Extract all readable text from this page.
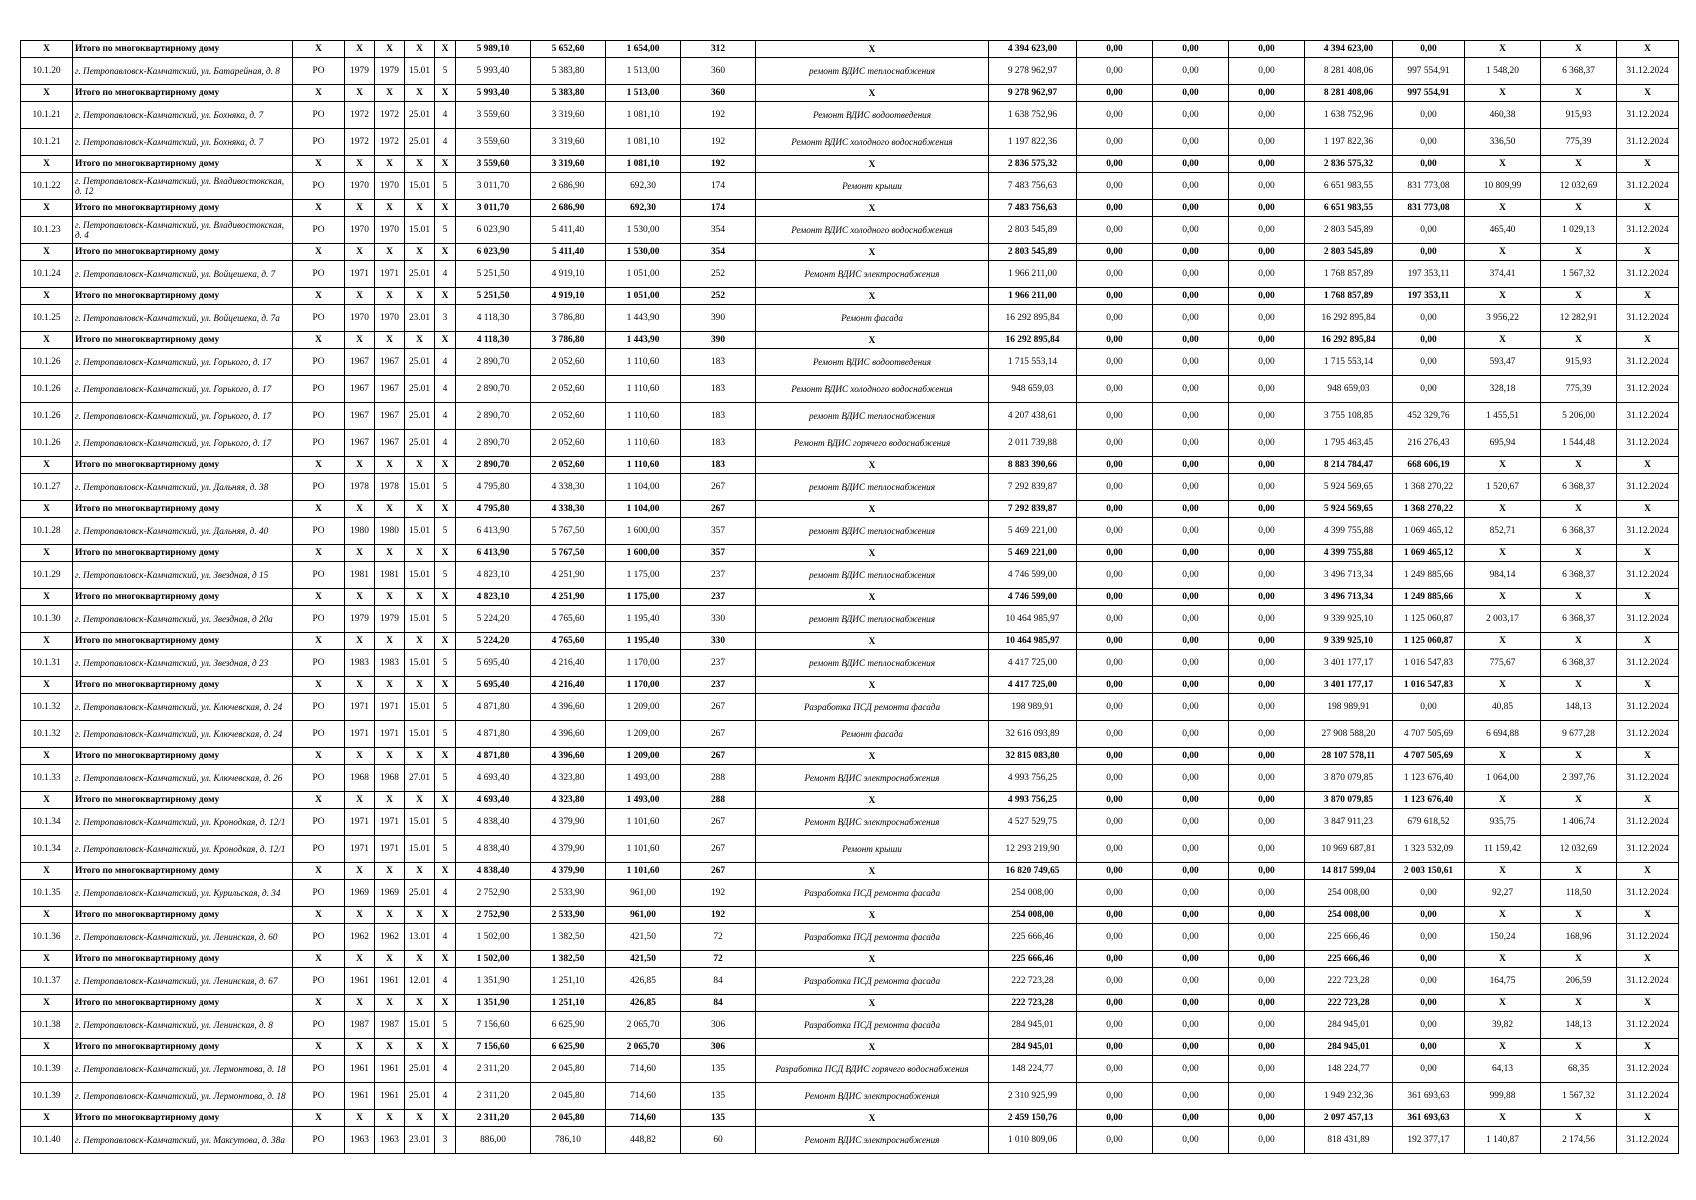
X	Итого по многоквартирному дому	X	X	X	X	X	5 989,10	5 652,60	1 654,00	312	X	4 394 623,00	0,00	0,00	0,00	4 394 623,00	0,00	X	X	X
10.1.20	г. Петропавловск-Камчатский, ул. Батарейная, д. 8	РО	1979	1979	15.01	5	5 993,40	5 383,80	1 513,00	360	ремонт ВДИС теплоснабжения	9 278 962,97	0,00	0,00	0,00	8 281 408,06	997 554,91	1 548,20	6 368,37	31.12.2024
X	Итого по многоквартирному дому	X	X	X	X	X	5 993,40	5 383,80	1 513,00	360	X	9 278 962,97	0,00	0,00	0,00	8 281 408,06	997 554,91	X	X	X
10.1.21	г. Петропавловск-Камчатский, ул. Бохняка, д. 7	РО	1972	1972	25.01	4	3 559,60	3 319,60	1 081,10	192	Ремонт ВДИС водоотведения	1 638 752,96	0,00	0,00	0,00	1 638 752,96	0,00	460,38	915,93	31.12.2024
10.1.21	г. Петропавловск-Камчатский, ул. Бохняка, д. 7	РО	1972	1972	25.01	4	3 559,60	3 319,60	1 081,10	192	Ремонт ВДИС холодного водоснабжения	1 197 822,36	0,00	0,00	0,00	1 197 822,36	0,00	336,50	775,39	31.12.2024
X	Итого по многоквартирному дому	X	X	X	X	X	3 559,60	3 319,60	1 081,10	192	X	2 836 575,32	0,00	0,00	0,00	2 836 575,32	0,00	X	X	X
10.1.22	г. Петропавловск-Камчатский, ул. Владивостокская, д. 12	РО	1970	1970	15.01	5	3 011,70	2 686,90	692,30	174	Ремонт крыши	7 483 756,63	0,00	0,00	0,00	6 651 983,55	831 773,08	10 809,99	12 032,69	31.12.2024
X	Итого по многоквартирному дому	X	X	X	X	X	3 011,70	2 686,90	692,30	174	X	7 483 756,63	0,00	0,00	0,00	6 651 983,55	831 773,08	X	X	X
10.1.23	г. Петропавловск-Камчатский, ул. Владивостокская, д. 4	РО	1970	1970	15.01	5	6 023,90	5 411,40	1 530,00	354	Ремонт ВДИС холодного водоснабжения	2 803 545,89	0,00	0,00	0,00	2 803 545,89	0,00	465,40	1 029,13	31.12.2024
X	Итого по многоквартирному дому	X	X	X	X	X	6 023,90	5 411,40	1 530,00	354	X	2 803 545,89	0,00	0,00	0,00	2 803 545,89	0,00	X	X	X
10.1.24	г. Петропавловск-Камчатский, ул. Войцешека, д. 7	РО	1971	1971	25.01	4	5 251,50	4 919,10	1 051,00	252	Ремонт ВДИС электроснабжения	1 966 211,00	0,00	0,00	0,00	1 768 857,89	197 353,11	374,41	1 567,32	31.12.2024
X	Итого по многоквартирному дому	X	X	X	X	X	5 251,50	4 919,10	1 051,00	252	X	1 966 211,00	0,00	0,00	0,00	1 768 857,89	197 353,11	X	X	X
10.1.25	г. Петропавловск-Камчатский, ул. Войцешека, д. 7а	РО	1970	1970	23.01	3	4 118,30	3 786,80	1 443,90	390	Ремонт фасада	16 292 895,84	0,00	0,00	0,00	16 292 895,84	0,00	3 956,22	12 282,91	31.12.2024
X	Итого по многоквартирному дому	X	X	X	X	X	4 118,30	3 786,80	1 443,90	390	X	16 292 895,84	0,00	0,00	0,00	16 292 895,84	0,00	X	X	X
10.1.26	г. Петропавловск-Камчатский, ул. Горького, д. 17	РО	1967	1967	25.01	4	2 890,70	2 052,60	1 110,60	183	Ремонт ВДИС водоотведения	1 715 553,14	0,00	0,00	0,00	1 715 553,14	0,00	593,47	915,93	31.12.2024
10.1.26	г. Петропавловск-Камчатский, ул. Горького, д. 17	РО	1967	1967	25.01	4	2 890,70	2 052,60	1 110,60	183	Ремонт ВДИС холодного водоснабжения	948 659,03	0,00	0,00	0,00	948 659,03	0,00	328,18	775,39	31.12.2024
10.1.26	г. Петропавловск-Камчатский, ул. Горького, д. 17	РО	1967	1967	25.01	4	2 890,70	2 052,60	1 110,60	183	ремонт ВДИС теплоснабжения	4 207 438,61	0,00	0,00	0,00	3 755 108,85	452 329,76	1 455,51	5 206,00	31.12.2024
10.1.26	г. Петропавловск-Камчатский, ул. Горького, д. 17	РО	1967	1967	25.01	4	2 890,70	2 052,60	1 110,60	183	Ремонт ВДИС горячего водоснабжения	2 011 739,88	0,00	0,00	0,00	1 795 463,45	216 276,43	695,94	1 544,48	31.12.2024
X	Итого по многоквартирному дому	X	X	X	X	X	2 890,70	2 052,60	1 110,60	183	X	8 883 390,66	0,00	0,00	0,00	8 214 784,47	668 606,19	X	X	X
10.1.27	г. Петропавловск-Камчатский, ул. Дальняя, д. 38	РО	1978	1978	15.01	5	4 795,80	4 338,30	1 104,00	267	ремонт ВДИС теплоснабжения	7 292 839,87	0,00	0,00	0,00	5 924 569,65	1 368 270,22	1 520,67	6 368,37	31.12.2024
X	Итого по многоквартирному дому	X	X	X	X	X	4 795,80	4 338,30	1 104,00	267	X	7 292 839,87	0,00	0,00	0,00	5 924 569,65	1 368 270,22	X	X	X
10.1.28	г. Петропавловск-Камчатский, ул. Дальняя, д. 40	РО	1980	1980	15.01	5	6 413,90	5 767,50	1 600,00	357	ремонт ВДИС теплоснабжения	5 469 221,00	0,00	0,00	0,00	4 399 755,88	1 069 465,12	852,71	6 368,37	31.12.2024
X	Итого по многоквартирному дому	X	X	X	X	X	6 413,90	5 767,50	1 600,00	357	X	5 469 221,00	0,00	0,00	0,00	4 399 755,88	1 069 465,12	X	X	X
10.1.29	г. Петропавловск-Камчатский, ул. Звездная, д 15	РО	1981	1981	15.01	5	4 823,10	4 251,90	1 175,00	237	ремонт ВДИС теплоснабжения	4 746 599,00	0,00	0,00	0,00	3 496 713,34	1 249 885,66	984,14	6 368,37	31.12.2024
X	Итого по многоквартирному дому	X	X	X	X	X	4 823,10	4 251,90	1 175,00	237	X	4 746 599,00	0,00	0,00	0,00	3 496 713,34	1 249 885,66	X	X	X
10.1.30	г. Петропавловск-Камчатский, ул. Звездная, д 20а	РО	1979	1979	15.01	5	5 224,20	4 765,60	1 195,40	330	ремонт ВДИС теплоснабжения	10 464 985,97	0,00	0,00	0,00	9 339 925,10	1 125 060,87	2 003,17	6 368,37	31.12.2024
X	Итого по многоквартирному дому	X	X	X	X	X	5 224,20	4 765,60	1 195,40	330	X	10 464 985,97	0,00	0,00	0,00	9 339 925,10	1 125 060,87	X	X	X
10.1.31	г. Петропавловск-Камчатский, ул. Звездная, д 23	РО	1983	1983	15.01	5	5 695,40	4 216,40	1 170,00	237	ремонт ВДИС теплоснабжения	4 417 725,00	0,00	0,00	0,00	3 401 177,17	1 016 547,83	775,67	6 368,37	31.12.2024
X	Итого по многоквартирному дому	X	X	X	X	X	5 695,40	4 216,40	1 170,00	237	X	4 417 725,00	0,00	0,00	0,00	3 401 177,17	1 016 547,83	X	X	X
10.1.32	г. Петропавловск-Камчатский, ул. Ключевская, д. 24	РО	1971	1971	15.01	5	4 871,80	4 396,60	1 209,00	267	Разработка ПСД ремонта фасада	198 989,91	0,00	0,00	0,00	198 989,91	0,00	40,85	148,13	31.12.2024
10.1.32	г. Петропавловск-Камчатский, ул. Ключевская, д. 24	РО	1971	1971	15.01	5	4 871,80	4 396,60	1 209,00	267	Ремонт фасада	32 616 093,89	0,00	0,00	0,00	27 908 588,20	4 707 505,69	6 694,88	9 677,28	31.12.2024
X	Итого по многоквартирному дому	X	X	X	X	X	4 871,80	4 396,60	1 209,00	267	X	32 815 083,80	0,00	0,00	0,00	28 107 578,11	4 707 505,69	X	X	X
10.1.33	г. Петропавловск-Камчатский, ул. Ключевская, д. 26	РО	1968	1968	27.01	5	4 693,40	4 323,80	1 493,00	288	Ремонт ВДИС электроснабжения	4 993 756,25	0,00	0,00	0,00	3 870 079,85	1 123 676,40	1 064,00	2 397,76	31.12.2024
X	Итого по многоквартирному дому	X	X	X	X	X	4 693,40	4 323,80	1 493,00	288	X	4 993 756,25	0,00	0,00	0,00	3 870 079,85	1 123 676,40	X	X	X
10.1.34	г. Петропавловск-Камчатский, ул. Кронодкая, д. 12/1	РО	1971	1971	15.01	5	4 838,40	4 379,90	1 101,60	267	Ремонт ВДИС электроснабжения	4 527 529,75	0,00	0,00	0,00	3 847 911,23	679 618,52	935,75	1 406,74	31.12.2024
10.1.34	г. Петропавловск-Камчатский, ул. Кронодкая, д. 12/1	РО	1971	1971	15.01	5	4 838,40	4 379,90	1 101,60	267	Ремонт крыши	12 293 219,90	0,00	0,00	0,00	10 969 687,81	1 323 532,09	11 159,42	12 032,69	31.12.2024
X	Итого по многоквартирному дому	X	X	X	X	X	4 838,40	4 379,90	1 101,60	267	X	16 820 749,65	0,00	0,00	0,00	14 817 599,04	2 003 150,61	X	X	X
10.1.35	г. Петропавловск-Камчатский, ул. Курильская, д. 34	РО	1969	1969	25.01	4	2 752,90	2 533,90	961,00	192	Разработка ПСД ремонта фасада	254 008,00	0,00	0,00	0,00	254 008,00	0,00	92,27	118,50	31.12.2024
X	Итого по многоквартирному дому	X	X	X	X	X	2 752,90	2 533,90	961,00	192	X	254 008,00	0,00	0,00	0,00	254 008,00	0,00	X	X	X
10.1.36	г. Петропавловск-Камчатский, ул. Ленинская, д. 60	РО	1962	1962	13.01	4	1 502,00	1 382,50	421,50	72	Разработка ПСД ремонта фасада	225 666,46	0,00	0,00	0,00	225 666,46	0,00	150,24	168,96	31.12.2024
X	Итого по многоквартирному дому	X	X	X	X	X	1 502,00	1 382,50	421,50	72	X	225 666,46	0,00	0,00	0,00	225 666,46	0,00	X	X	X
10.1.37	г. Петропавловск-Камчатский, ул. Ленинская, д. 67	РО	1961	1961	12.01	4	1 351,90	1 251,10	426,85	84	Разработка ПСД ремонта фасада	222 723,28	0,00	0,00	0,00	222 723,28	0,00	164,75	206,59	31.12.2024
X	Итого по многоквартирному дому	X	X	X	X	X	1 351,90	1 251,10	426,85	84	X	222 723,28	0,00	0,00	0,00	222 723,28	0,00	X	X	X
10.1.38	г. Петропавловск-Камчатский, ул. Ленинская, д. 8	РО	1987	1987	15.01	5	7 156,60	6 625,90	2 065,70	306	Разработка ПСД ремонта фасада	284 945,01	0,00	0,00	0,00	284 945,01	0,00	39,82	148,13	31.12.2024
X	Итого по многоквартирному дому	X	X	X	X	X	7 156,60	6 625,90	2 065,70	306	X	284 945,01	0,00	0,00	0,00	284 945,01	0,00	X	X	X
10.1.39	г. Петропавловск-Камчатский, ул. Лермонтова, д. 18	РО	1961	1961	25.01	4	2 311,20	2 045,80	714,60	135	Разработка ПСД ВДИС горячего водоснабжения	148 224,77	0,00	0,00	0,00	148 224,77	0,00	64,13	68,35	31.12.2024
10.1.39	г. Петропавловск-Камчатский, ул. Лермонтова, д. 18	РО	1961	1961	25.01	4	2 311,20	2 045,80	714,60	135	Ремонт ВДИС электроснабжения	2 310 925,99	0,00	0,00	0,00	1 949 232,36	361 693,63	999,88	1 567,32	31.12.2024
X	Итого по многоквартирному дому	X	X	X	X	X	2 311,20	2 045,80	714,60	135	X	2 459 150,76	0,00	0,00	0,00	2 097 457,13	361 693,63	X	X	X
10.1.40	г. Петропавловск-Камчатский, ул. Максутова, д. 38а	РО	1963	1963	23.01	3	886,00	786,10	448,82	60	Ремонт ВДИС электроснабжения	1 010 809,06	0,00	0,00	0,00	818 431,89	192 377,17	1 140,87	2 174,56	31.12.2024
